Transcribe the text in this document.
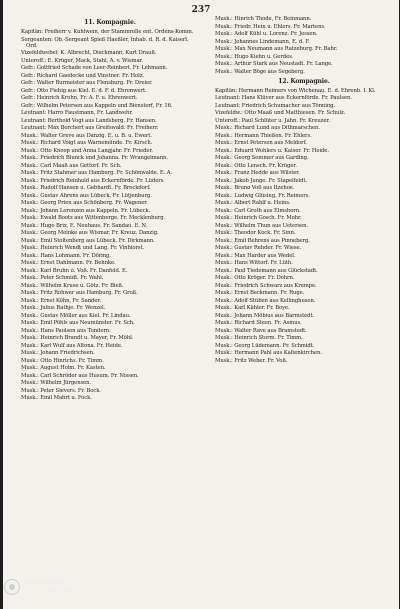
237
11. Kompagnie.
Kapitän: Freiherr v. Kuhlwein, der Stammrolle ent. Ordens-Komm.
Sergeanten: Ob.-Sergeant Spieß Haeßler, Inhab. d. R. d. Kaiserl. Ord.
Vizefeldwebel: K. Albrecht, Dieckmann, Kurt Drauß.
Unteroff.: E. Krüger, Mack, Stahl, A. v. Wismar.
Gefr.: Gottfried Schade von Leer-Reinbert. Fr. Lehmann.
Gefr.: Richard Gaedecke und Vinstner. Fr. Holz.
Gefr.: Walter Burmeister aus Flensburg. Fr. Dreier.
Gefr.: Otto Fiebig aus Kiel. E. d. F. d. Ehrenwert.
Gefr.: Heinrich Krohn. Fr. A. F. u. Ehrenwert.
Gefr.: Wilhelm Petersen aus Kappeln und Bienstorf, Fr. 16.
Leutnant: Harro Faustmann, Fr. Landwehr.
Leutnant: Berthold Vogt aus Landsberg. Fr. Hansen.
Leutnant: Max Borchert aus Greifswald. Fr. Freiherr.
Musk.: Walter Greve aus Danzig. E. u. B. u. Ewert.
Musk.: Richard Voigt aus Warnemünde. Fr. Kirsch.
Musk.: Otto Knoop und Anna Langjahr. Fr. Frieder.
Musk.: Friedrich Blunck und Johanna. Fr. Wrangelmann.
Musk.: Carl Maaß aus Gettorf. Fr. Sch.
Musk.: Fritz Stahmer aus Hamburg. Fr. Schönwalde. E. A.
Musk.: Friedrich Reinhold aus Eckernförde. Fr. Lüders.
Musk.: Rudolf Hansen u. Gebhardt. Fr. Brockdorf.
Musk.: Gustav Ahrens aus Lübeck. Fr. Lütjenburg.
Musk.: Georg Prien aus Schönberg. Fr. Wagener.
Musk.: Johann Lorenzen aus Kappeln. Fr. Lübeck.
Musk.: Ewald Bootz aus Wittenberge. Fr. Mecklenburg.
Musk.: Hugo Brix, E. Neuhaus. Fr. Sandau. E. N.
Musk.: Georg Meinke aus Wismar. Fr. Kreuz. Danzig.
Musk.: Emil Stoltenberg aus Lübeck. Fr. Dirkmann.
Musk.: Heinrich Wendt und Lang. Fr. Vinhiorst.
Musk.: Hans Lohmann. Fr. Döring.
Musk.: Ernst Dahlmann. Fr. Behnke.
Musk.: Karl Bruhn u. Voß. Fr. Danfeld. E.
Musk.: Peter Schmidt. Fr. Wahl.
Musk.: Wilhelm Kruse u. Götz. Fr. Bieß.
Musk.: Fritz Rohwer aus Hamburg. Fr. Groß.
Musk.: Ernst Köhn, Fr. Sander.
Musk.: Julius Rathje. Fr. Wenzel.
Musk.: Gustav Möller aus Kiel. Fr. Lindau.
Musk.: Emil Pöhls aus Neumünster. Fr. Sch.
Musk.: Hans Paulsen aus Tondern.
Musk.: Heinrich Brandt u. Mayer, Fr. Möhl.
Musk.: Karl Wulf aus Altona. Fr. Heide.
Musk.: Johann Friedrichsen.
Musk.: Otto Hinrichs. Fr. Timm.
Musk.: August Holm. Fr. Kasten.
Musk.: Carl Schröder aus Husum. Fr. Nissen.
Musk.: Wilhelm Jürgensen.
Musk.: Peter Sievers. Fr. Bock.
Musk.: Emil Mahrt u. Fock.
Musk.: Hinrich Thode, Fr. Beinmann.
Musk.: Friedr. Hein u. Ehlers. Fr. Martens.
Musk.: Adolf Kühl u. Lorenz. Fr. Jessen.
Musk.: Johannes Lindemann, E. d. F.
Musk.: Max Neumann aus Ratzeburg. Fr. Bahr.
Musk.: Hugo Kiehn u. Gerdes.
Musk.: Arthur Stark aus Neustadt. Fr. Lange.
Musk.: Walter Böge aus Segeberg.
12. Kompagnie.
Kapitän: Hermann Reimers von Wichenau. E. d. Ehrenb. I. Kl.
Leutnant: Hans Klüver aus Eckernförde. Fr. Paulsen.
Leutnant: Friedrich Schumacher aus Tönning.
Vizefeldw.: Otto Maaß und Matthiesen. Fr. Schulz.
Unteroff.: Paul Schlüter u. Jahn. Fr. Kreuzer.
Musk.: Richard Lund aus Dithmarschen.
Musk.: Hermann Thießen. Fr. Ehlers.
Musk.: Ernst Petersen aus Meldorf.
Musk.: Eduard Wohlers u. Kaiser. Fr. Heide.
Musk.: Georg Sommer aus Garding.
Musk.: Otto Lensch. Fr. Krüger.
Musk.: Franz Hedde aus Wilster.
Musk.: Jakob Junge. Fr. Stapelfeldt.
Musk.: Bruno Voß aus Itzehoe.
Musk.: Ludwig Glüsing. Fr. Reimers.
Musk.: Albert Rahlf u. Heins.
Musk.: Carl Groth aus Elmshorn.
Musk.: Heinrich Gosch. Fr. Mohr.
Musk.: Wilhelm Thun aus Uetersen.
Musk.: Theodor Kock. Fr. Sinn.
Musk.: Emil Behrens aus Pinneberg.
Musk.: Gustav Rehder. Fr. Wiese.
Musk.: Max Harder aus Wedel.
Musk.: Hans Wittorf. Fr. Lüth.
Musk.: Paul Tiedemann aus Glückstadt.
Musk.: Otto Kröger. Fr. Dohrn.
Musk.: Friedrich Schwarz aus Krempe.
Musk.: Ernst Beckmann. Fr. Ruge.
Musk.: Adolf Stüben aus Kellinghusen.
Musk.: Karl Kähler. Fr. Boye.
Musk.: Johann Möbius aus Barmstedt.
Musk.: Richard Steen. Fr. Asmus.
Musk.: Walter Rave aus Bramstedt.
Musk.: Heinrich Storm. Fr. Timm.
Musk.: Georg Lüdemann. Fr. Schmidt.
Musk.: Hermann Pahl aus Kaltenkirchen.
Musk.: Fritz Weber. Fr. Voß.
Landesbibliothek
Mecklenburg-Vorpommern
